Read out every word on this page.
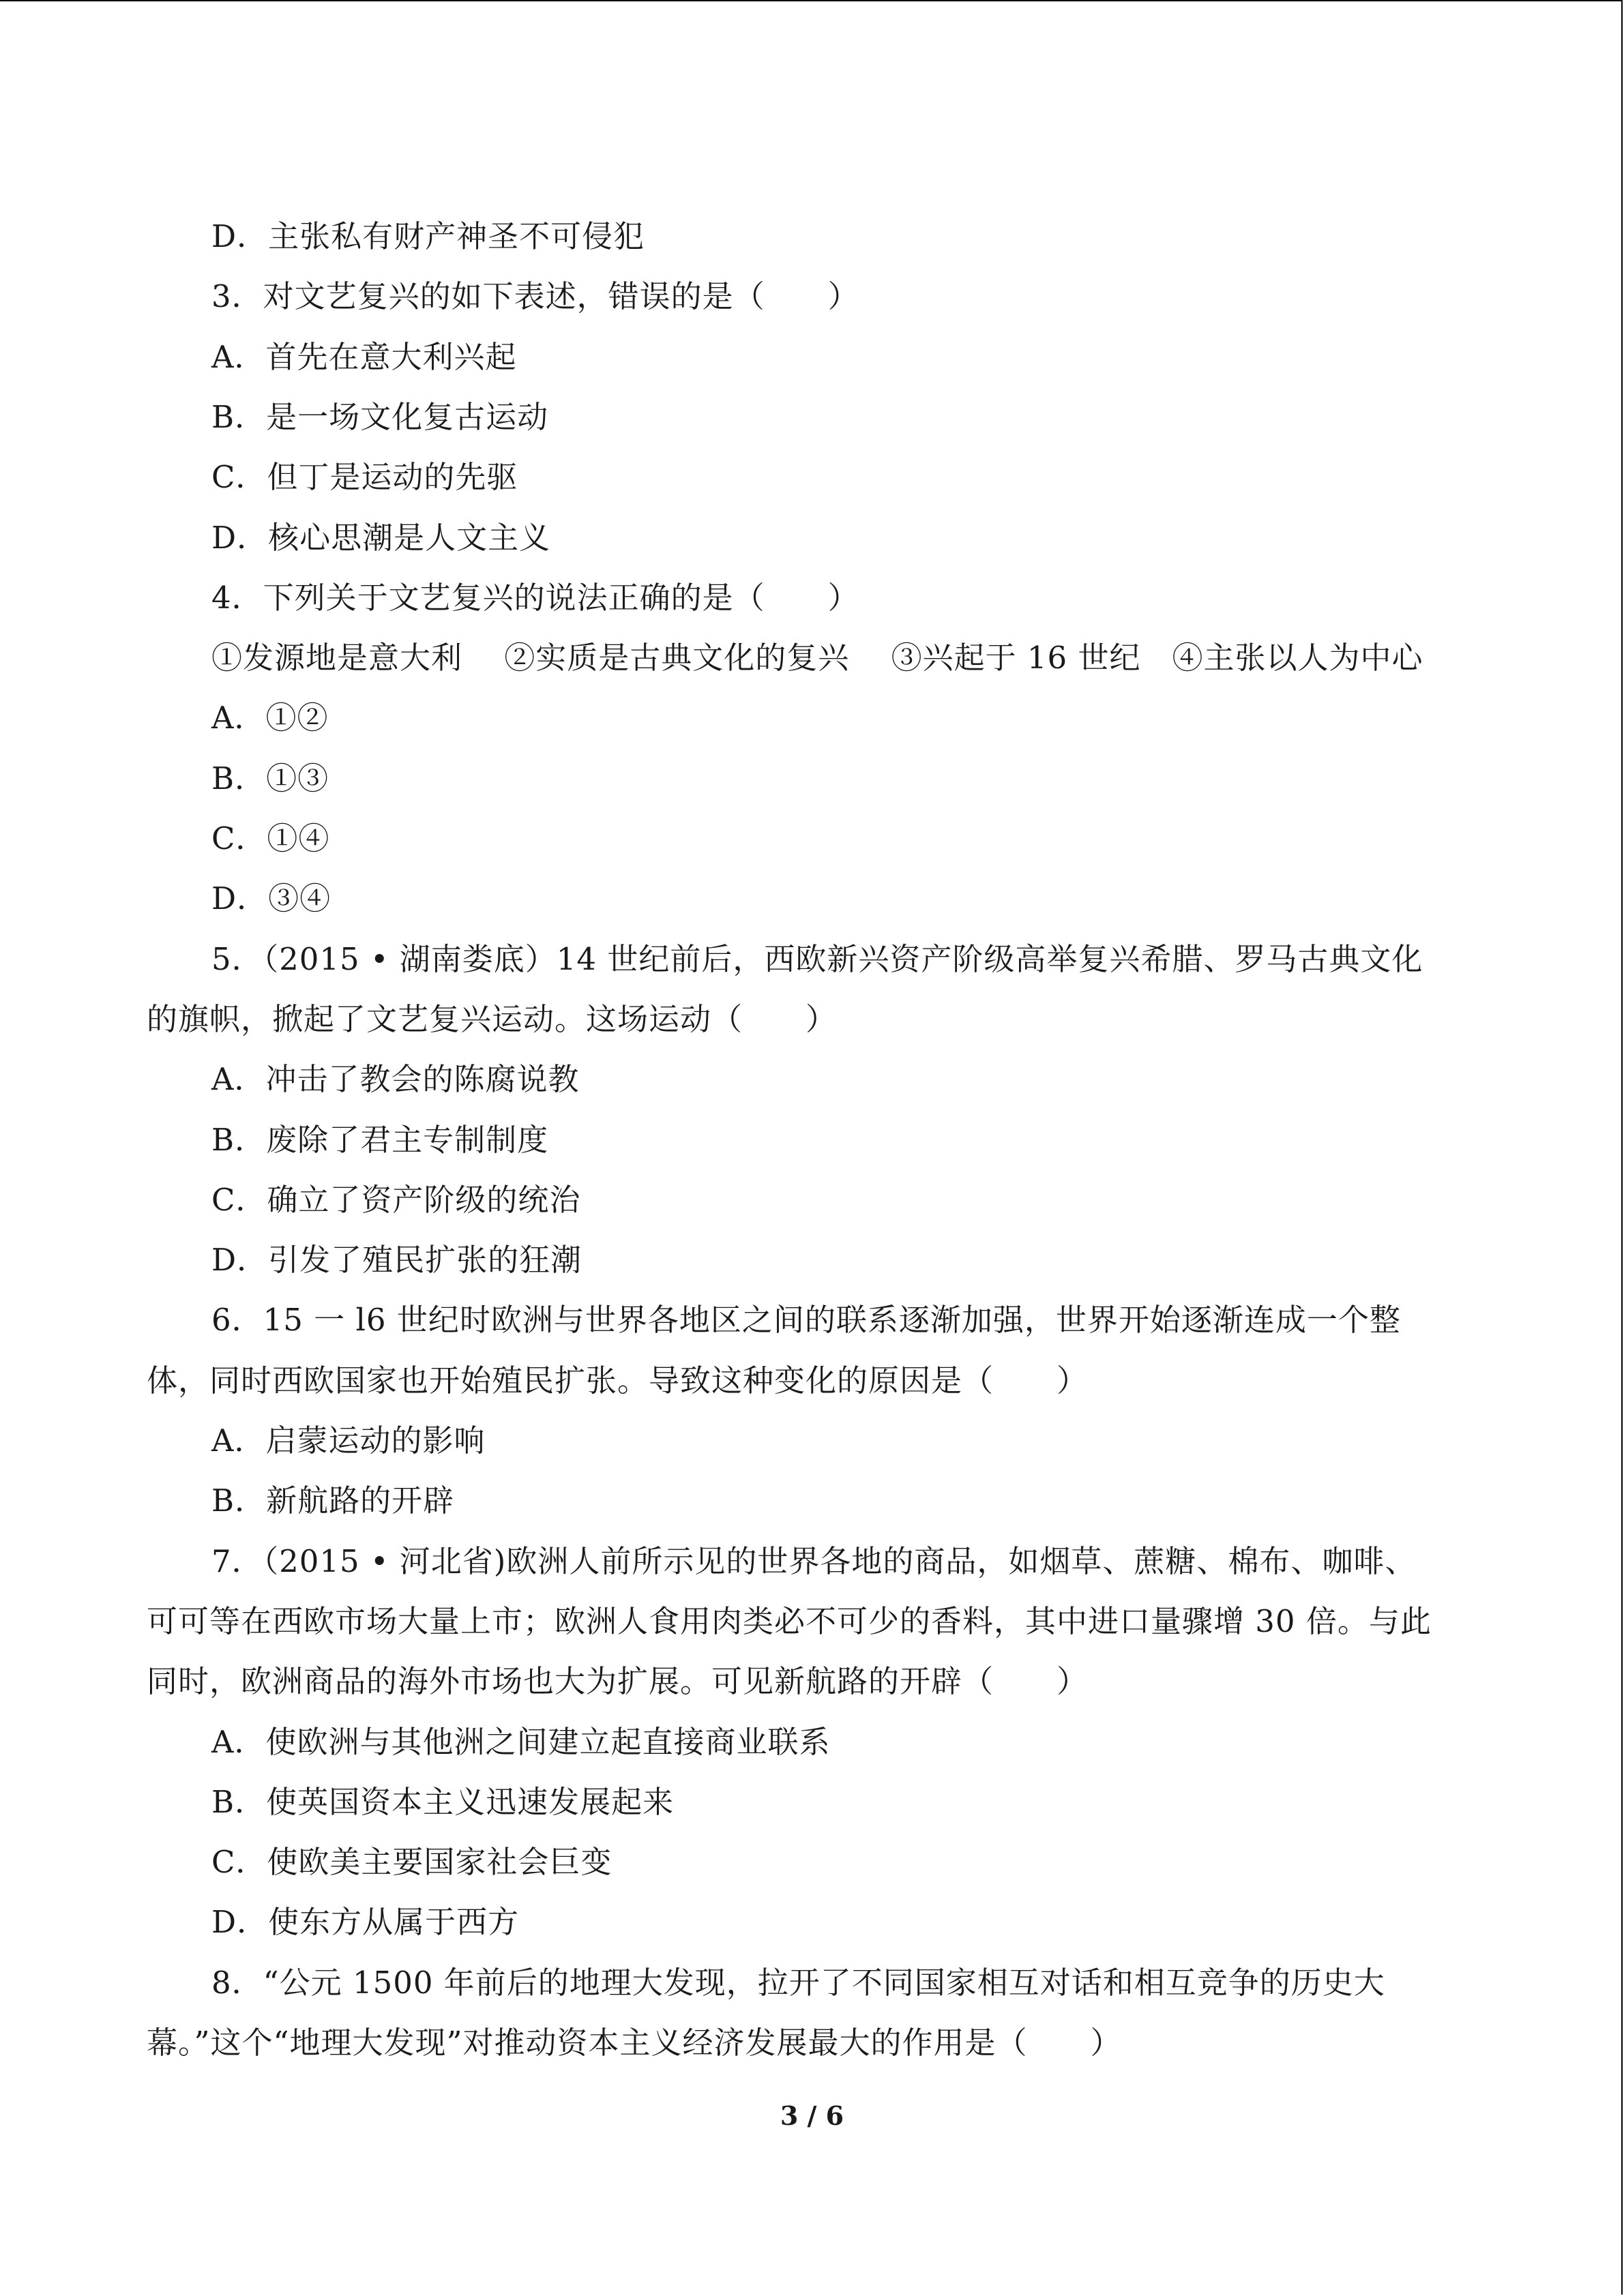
D．主张私有财产神圣不可侵犯
3．对文艺复兴的如下表述，错误的是（　　）
A．首先在意大利兴起
B．是一场文化复古运动
C．但丁是运动的先驱
D．核心思潮是人文主义
4．下列关于文艺复兴的说法正确的是（　　）
①发源地是意大利　 ②实质是古典文化的复兴　 ③兴起于 16 世纪　④主张以人为中心
A．①②
B．①③
C．①④
D．③④
5．（2015 • 湖南娄底）14 世纪前后，西欧新兴资产阶级高举复兴希腊、罗马古典文化
的旗帜，掀起了文艺复兴运动。这场运动（　　）
A．冲击了教会的陈腐说教
B．废除了君主专制制度
C．确立了资产阶级的统治
D．引发了殖民扩张的狂潮
6．15 一 l6 世纪时欧洲与世界各地区之间的联系逐渐加强，世界开始逐渐连成一个整
体，同时西欧国家也开始殖民扩张。导致这种变化的原因是（　　）
A．启蒙运动的影响
B．新航路的开辟
7．（2015 • 河北省)欧洲人前所示见的世界各地的商品，如烟草、蔗糖、棉布、咖啡、
可可等在西欧市场大量上市；欧洲人食用肉类必不可少的香料，其中进口量骤增 30 倍。与此
同时，欧洲商品的海外市场也大为扩展。可见新航路的开辟（　　）
A．使欧洲与其他洲之间建立起直接商业联系
B．使英国资本主义迅速发展起来
C．使欧美主要国家社会巨变
D．使东方从属于西方
8．“公元 1500 年前后的地理大发现，拉开了不同国家相互对话和相互竞争的历史大
幕。”这个“地理大发现”对推动资本主义经济发展最大的作用是（　　）
3 / 6
